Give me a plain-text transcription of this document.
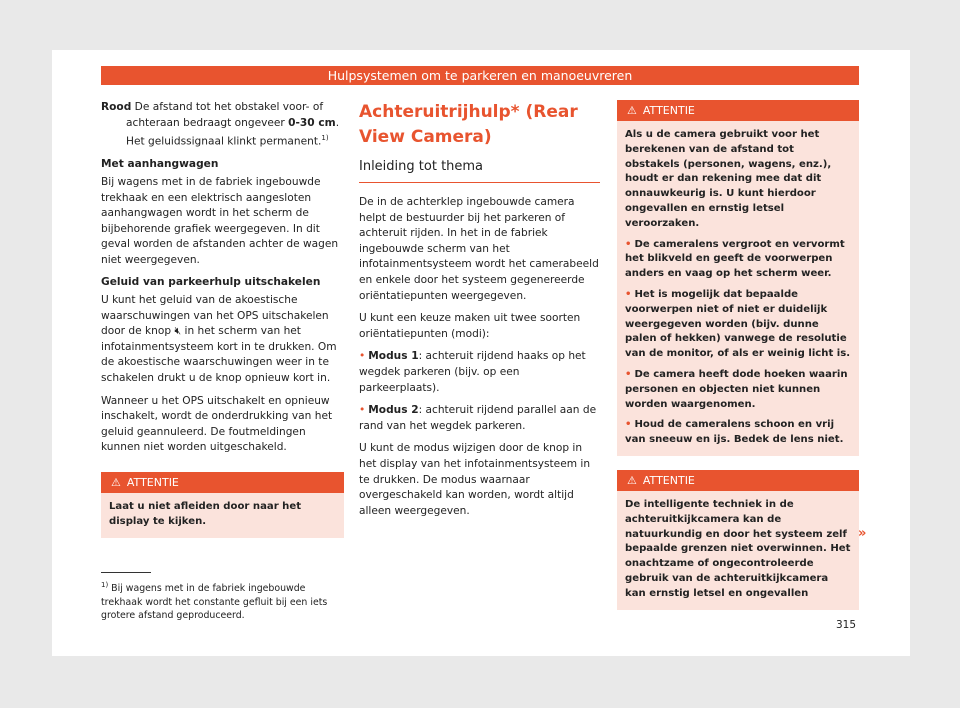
Hulpsystemen om te parkeren en manoeuvreren

Rood De afstand tot het obstakel voor- of achteraan bedraagt ongeveer 0-30 cm. Het geluidssignaal klinkt permanent.$^{1)}$

Met aanhangwagen

Bij wagens met in de fabriek ingebouwde trekhaak en een elektrisch aangesloten aanhangwagen wordt in het scherm de bijbehorende grafiek weergegeven. In dit geval worden de afstanden achter de wagen niet weergegeven.

Geluid van parkeerhulp uitschakelen

U kunt het geluid van de akoestische waarschuwingen van het OPS uitschakelen door de knop 🔇︎ in het scherm van het infotainmentsysteem kort in te drukken. Om de akoestische waarschuwingen weer in te schakelen drukt u de knop opnieuw kort in.

Wanneer u het OPS uitschakelt en opnieuw inschakelt, wordt de onderdrukking van het geluid geannuleerd. De foutmeldingen kunnen niet worden uitgeschakeld.

⚠︎ ATTENTIE
Laat u niet afleiden door naar het display te kijken.
Achteruitrijhulp* (Rear View Camera)
Inleiding tot thema

De in de achterklep ingebouwde camera helpt de bestuurder bij het parkeren of achteruit rijden. In het in de fabriek ingebouwde scherm van het infotainmentsysteem wordt het camerabeeld en enkele door het systeem gegenereerde oriëntatiepunten weergegeven.

U kunt een keuze maken uit twee soorten oriëntatiepunten (modi):

• Modus 1: achteruit rijdend haaks op het wegdek parkeren (bijv. op een parkeerplaats).

• Modus 2: achteruit rijdend parallel aan de rand van het wegdek parkeren.

U kunt de modus wijzigen door de knop in het display van het infotainmentsysteem in te drukken. De modus waarnaar overgeschakeld kan worden, wordt altijd alleen weergegeven.

⚠︎ ATTENTIE

Als u de camera gebruikt voor het berekenen van de afstand tot obstakels (personen, wagens, enz.), houdt er dan rekening mee dat dit onnauwkeurig is. U kunt hierdoor ongevallen en ernstig letsel veroorzaken.

• De cameralens vergroot en vervormt het blikveld en geeft de voorwerpen anders en vaag op het scherm weer.

• Het is mogelijk dat bepaalde voorwerpen niet of niet er duidelijk weergegeven worden (bijv. dunne palen of hekken) vanwege de resolutie van de monitor, of als er weinig licht is.

• De camera heeft dode hoeken waarin personen en objecten niet kunnen worden waargenomen.

• Houd de cameralens schoon en vrij van sneeuw en ijs. Bedek de lens niet.

⚠︎ ATTENTIE
De intelligente techniek in de achteruitkijkcamera kan de natuurkundig en door het systeem zelf bepaalde grenzen niet overwinnen. Het onachtzame of ongecontroleerde gebruik van de achteruitkijkcamera kan ernstig letsel en ongevallen
»
$^{1)}$ Bij wagens met in de fabriek ingebouwde trekhaak wordt het constante gefluit bij een iets grotere afstand geproduceerd.
315
